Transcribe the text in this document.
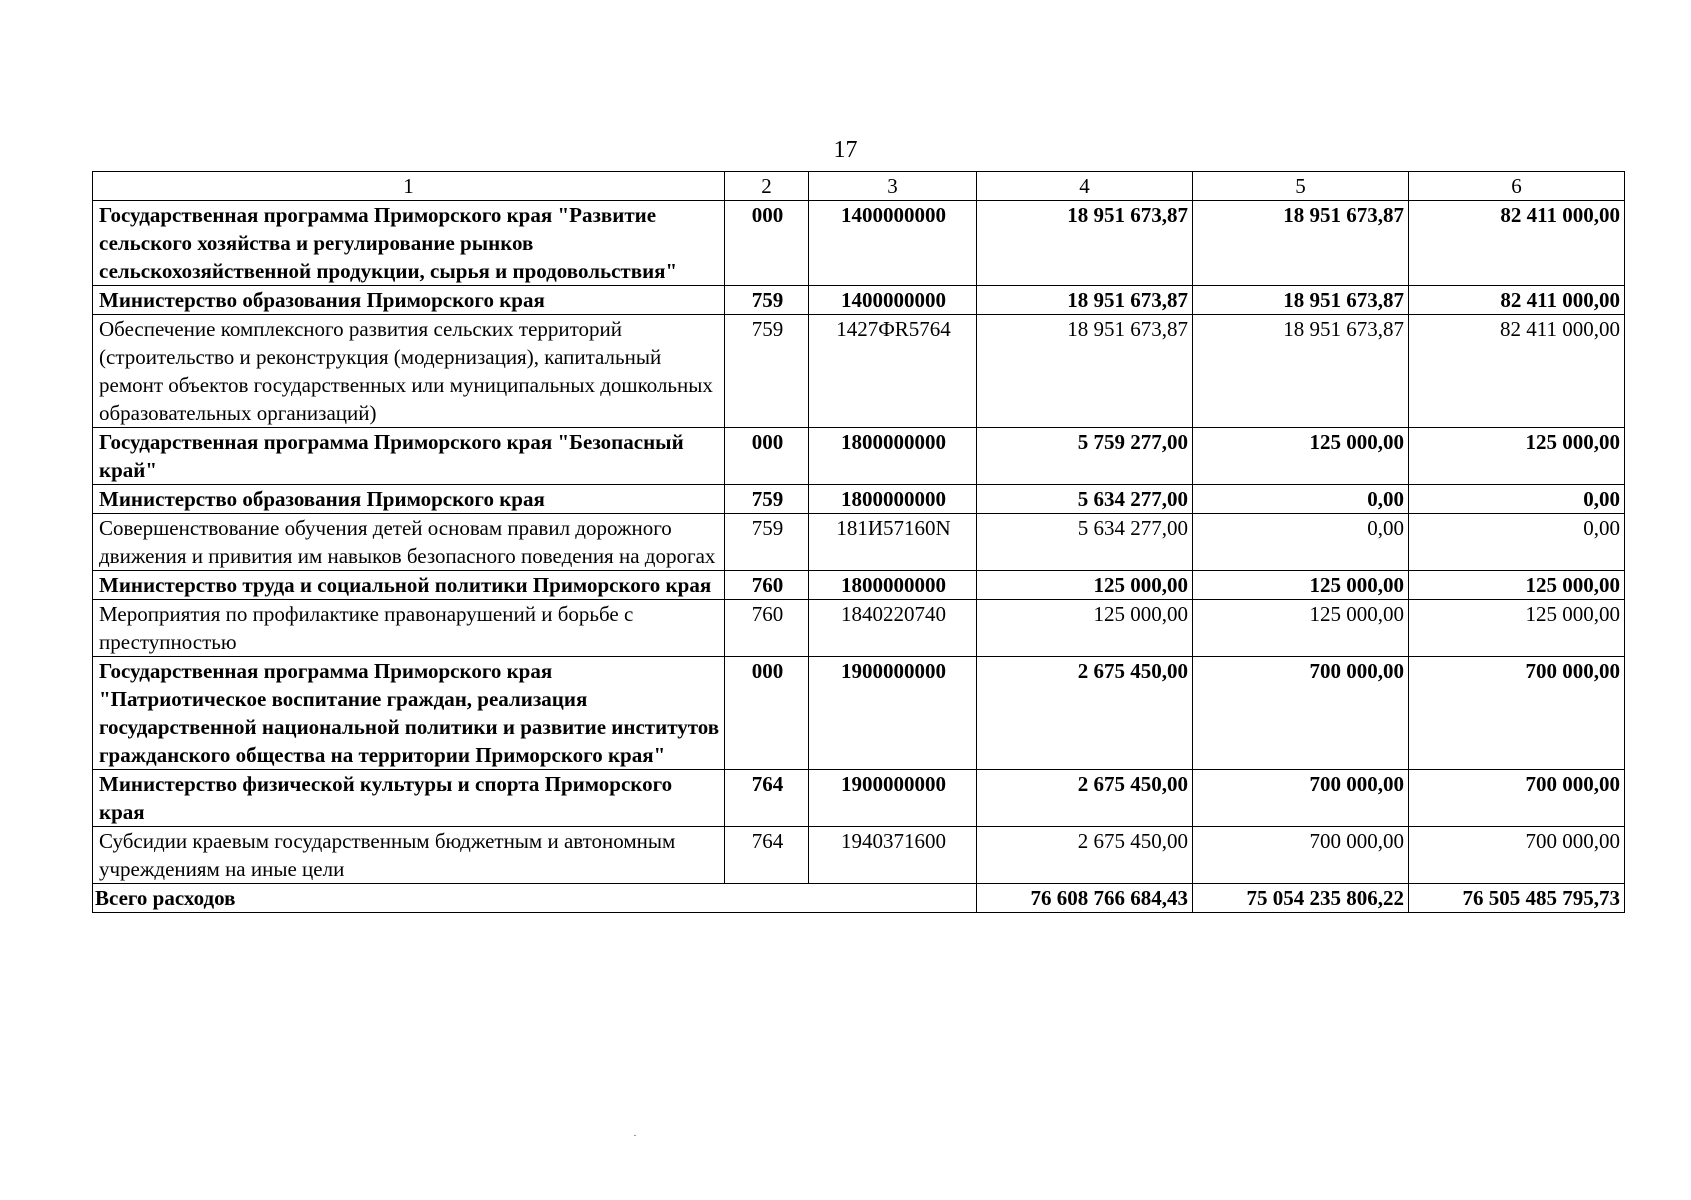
17
1	2	3	4	5	6
Государственная программа Приморского края "Развитие сельского хозяйства и регулирование рынков сельскохозяйственной продукции, сырья и продовольствия"	000	1400000000	18 951 673,87	18 951 673,87	82 411 000,00
Министерство образования Приморского края	759	1400000000	18 951 673,87	18 951 673,87	82 411 000,00
Обеспечение комплексного развития сельских территорий (строительство и реконструкция (модернизация), капитальный ремонт объектов государственных или муниципальных дошкольных образовательных организаций)	759	1427ФR5764	18 951 673,87	18 951 673,87	82 411 000,00
Государственная программа Приморского края "Безопасный край"	000	1800000000	5 759 277,00	125 000,00	125 000,00
Министерство образования Приморского края	759	1800000000	5 634 277,00	0,00	0,00
Совершенствование обучения детей основам правил дорожного движения и привития им навыков безопасного поведения на дорогах	759	181И57160N	5 634 277,00	0,00	0,00
Министерство труда и социальной политики Приморского края	760	1800000000	125 000,00	125 000,00	125 000,00
Мероприятия по профилактике правонарушений и борьбе с преступностью	760	1840220740	125 000,00	125 000,00	125 000,00
Государственная программа Приморского края "Патриотическое воспитание граждан, реализация государственной национальной политики и развитие институтов гражданского общества на территории Приморского края"	000	1900000000	2 675 450,00	700 000,00	700 000,00
Министерство физической культуры и спорта Приморского края	764	1900000000	2 675 450,00	700 000,00	700 000,00
Субсидии краевым государственным бюджетным и автономным учреждениям на иные цели	764	1940371600	2 675 450,00	700 000,00	700 000,00
Всего расходов			76 608 766 684,43	75 054 235 806,22	76 505 485 795,73
